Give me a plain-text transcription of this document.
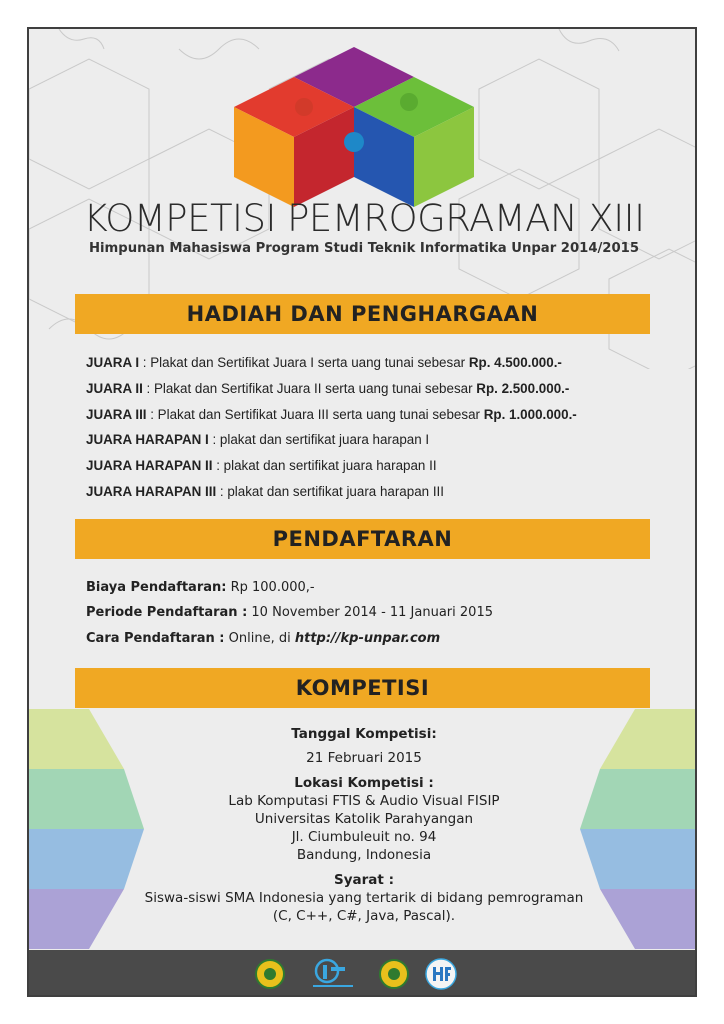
KOMPETISI PEMROGRAMAN XIII
Himpunan Mahasiswa Program Studi Teknik Informatika Unpar 2014/2015
HADIAH DAN PENGHARGAAN
JUARA I : Plakat dan Sertifikat Juara I serta uang tunai sebesar Rp. 4.500.000.-
JUARA II : Plakat dan Sertifikat Juara II serta uang tunai sebesar Rp. 2.500.000.-
JUARA III : Plakat dan Sertifikat Juara III serta uang tunai sebesar Rp. 1.000.000.-
JUARA HARAPAN I : plakat dan sertifikat juara harapan I
JUARA HARAPAN II : plakat dan sertifikat juara harapan II
JUARA HARAPAN III : plakat dan sertifikat juara harapan III
PENDAFTARAN
Biaya Pendaftaran: Rp 100.000,-
Periode Pendaftaran : 10 November 2014 - 11 Januari 2015
Cara Pendaftaran : Online, di http://kp-unpar.com
KOMPETISI
Tanggal Kompetisi:
21 Februari 2015
Lokasi Kompetisi :
Lab Komputasi FTIS & Audio Visual FISIP
Universitas Katolik Parahyangan
Jl. Ciumbuleuit no. 94
Bandung, Indonesia
Syarat :
Siswa-siswi SMA Indonesia yang tertarik di bidang pemrograman
(C, C++, C#, Java, Pascal).
